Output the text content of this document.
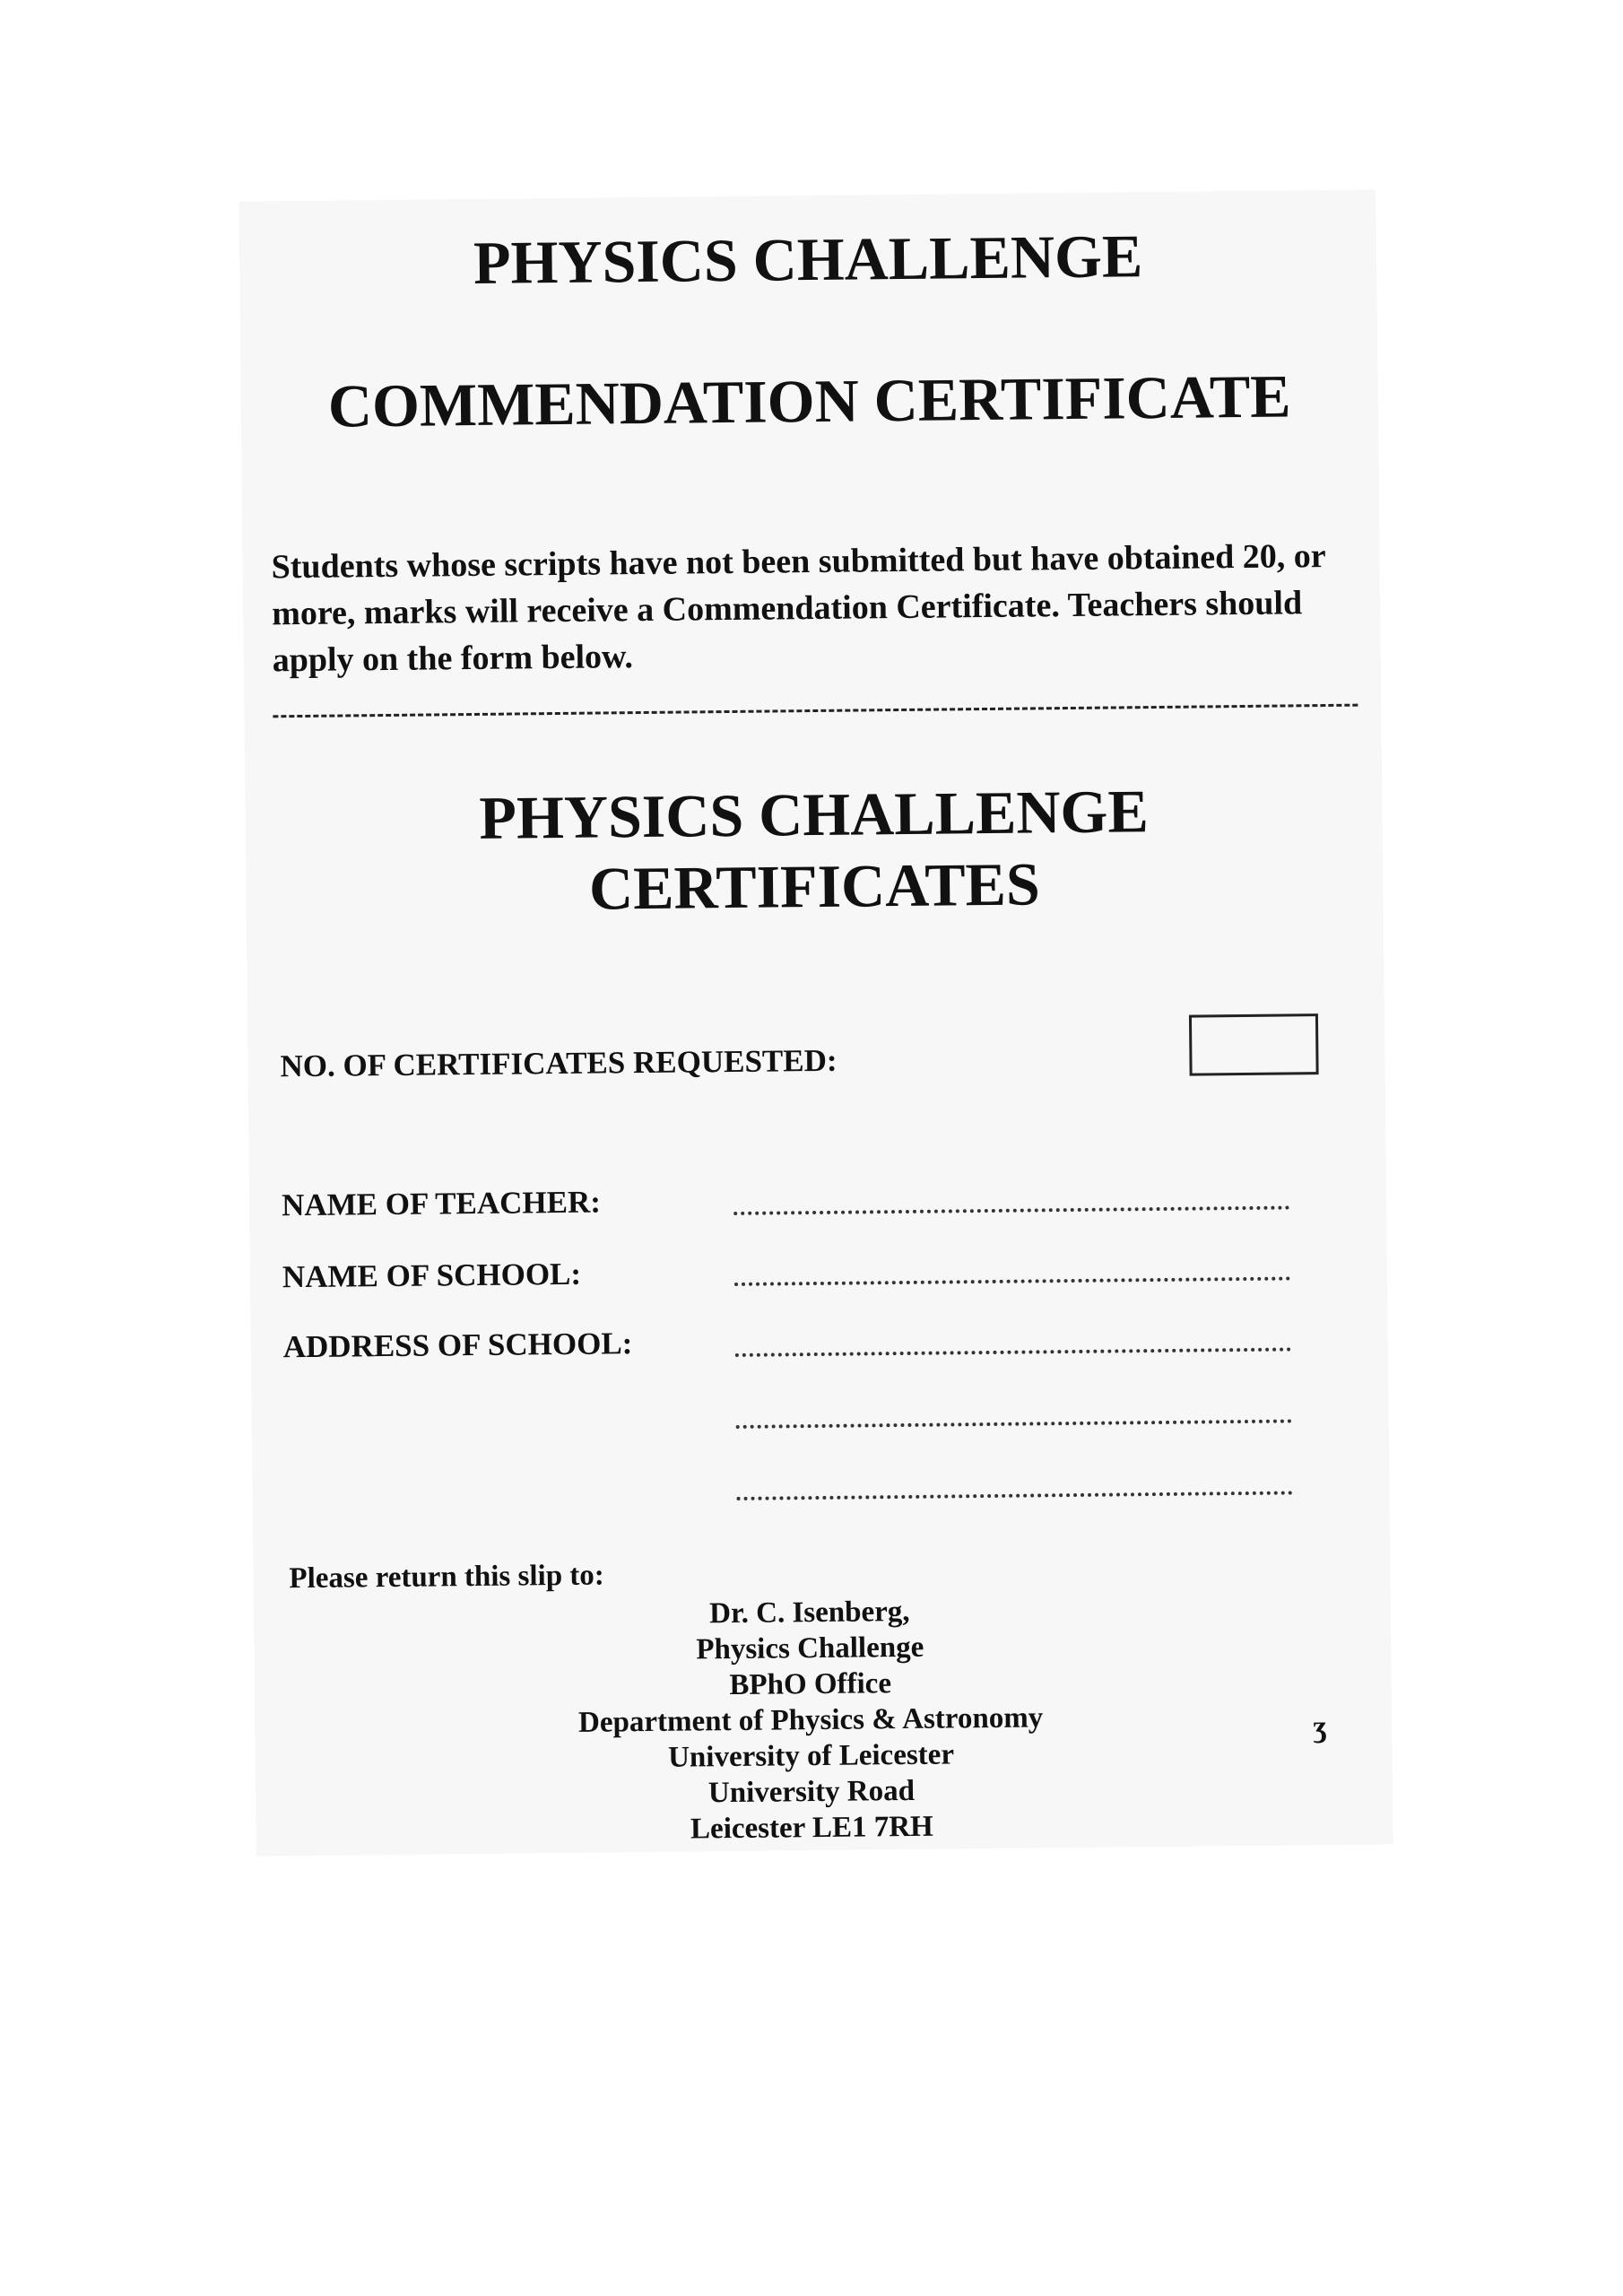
PHYSICS CHALLENGE
COMMENDATION CERTIFICATE
Students whose scripts have not been submitted but have obtained 20, or more, marks will receive a Commendation Certificate. Teachers should apply on the form below.
PHYSICS CHALLENGE
CERTIFICATES
NO. OF CERTIFICATES REQUESTED:
NAME OF TEACHER:
NAME OF SCHOOL:
ADDRESS OF SCHOOL:
Please return this slip to:
Dr. C. Isenberg,
Physics Challenge
BPhO Office
Department of Physics & Astronomy
University of Leicester
University Road
Leicester LE1 7RH
ʒ
